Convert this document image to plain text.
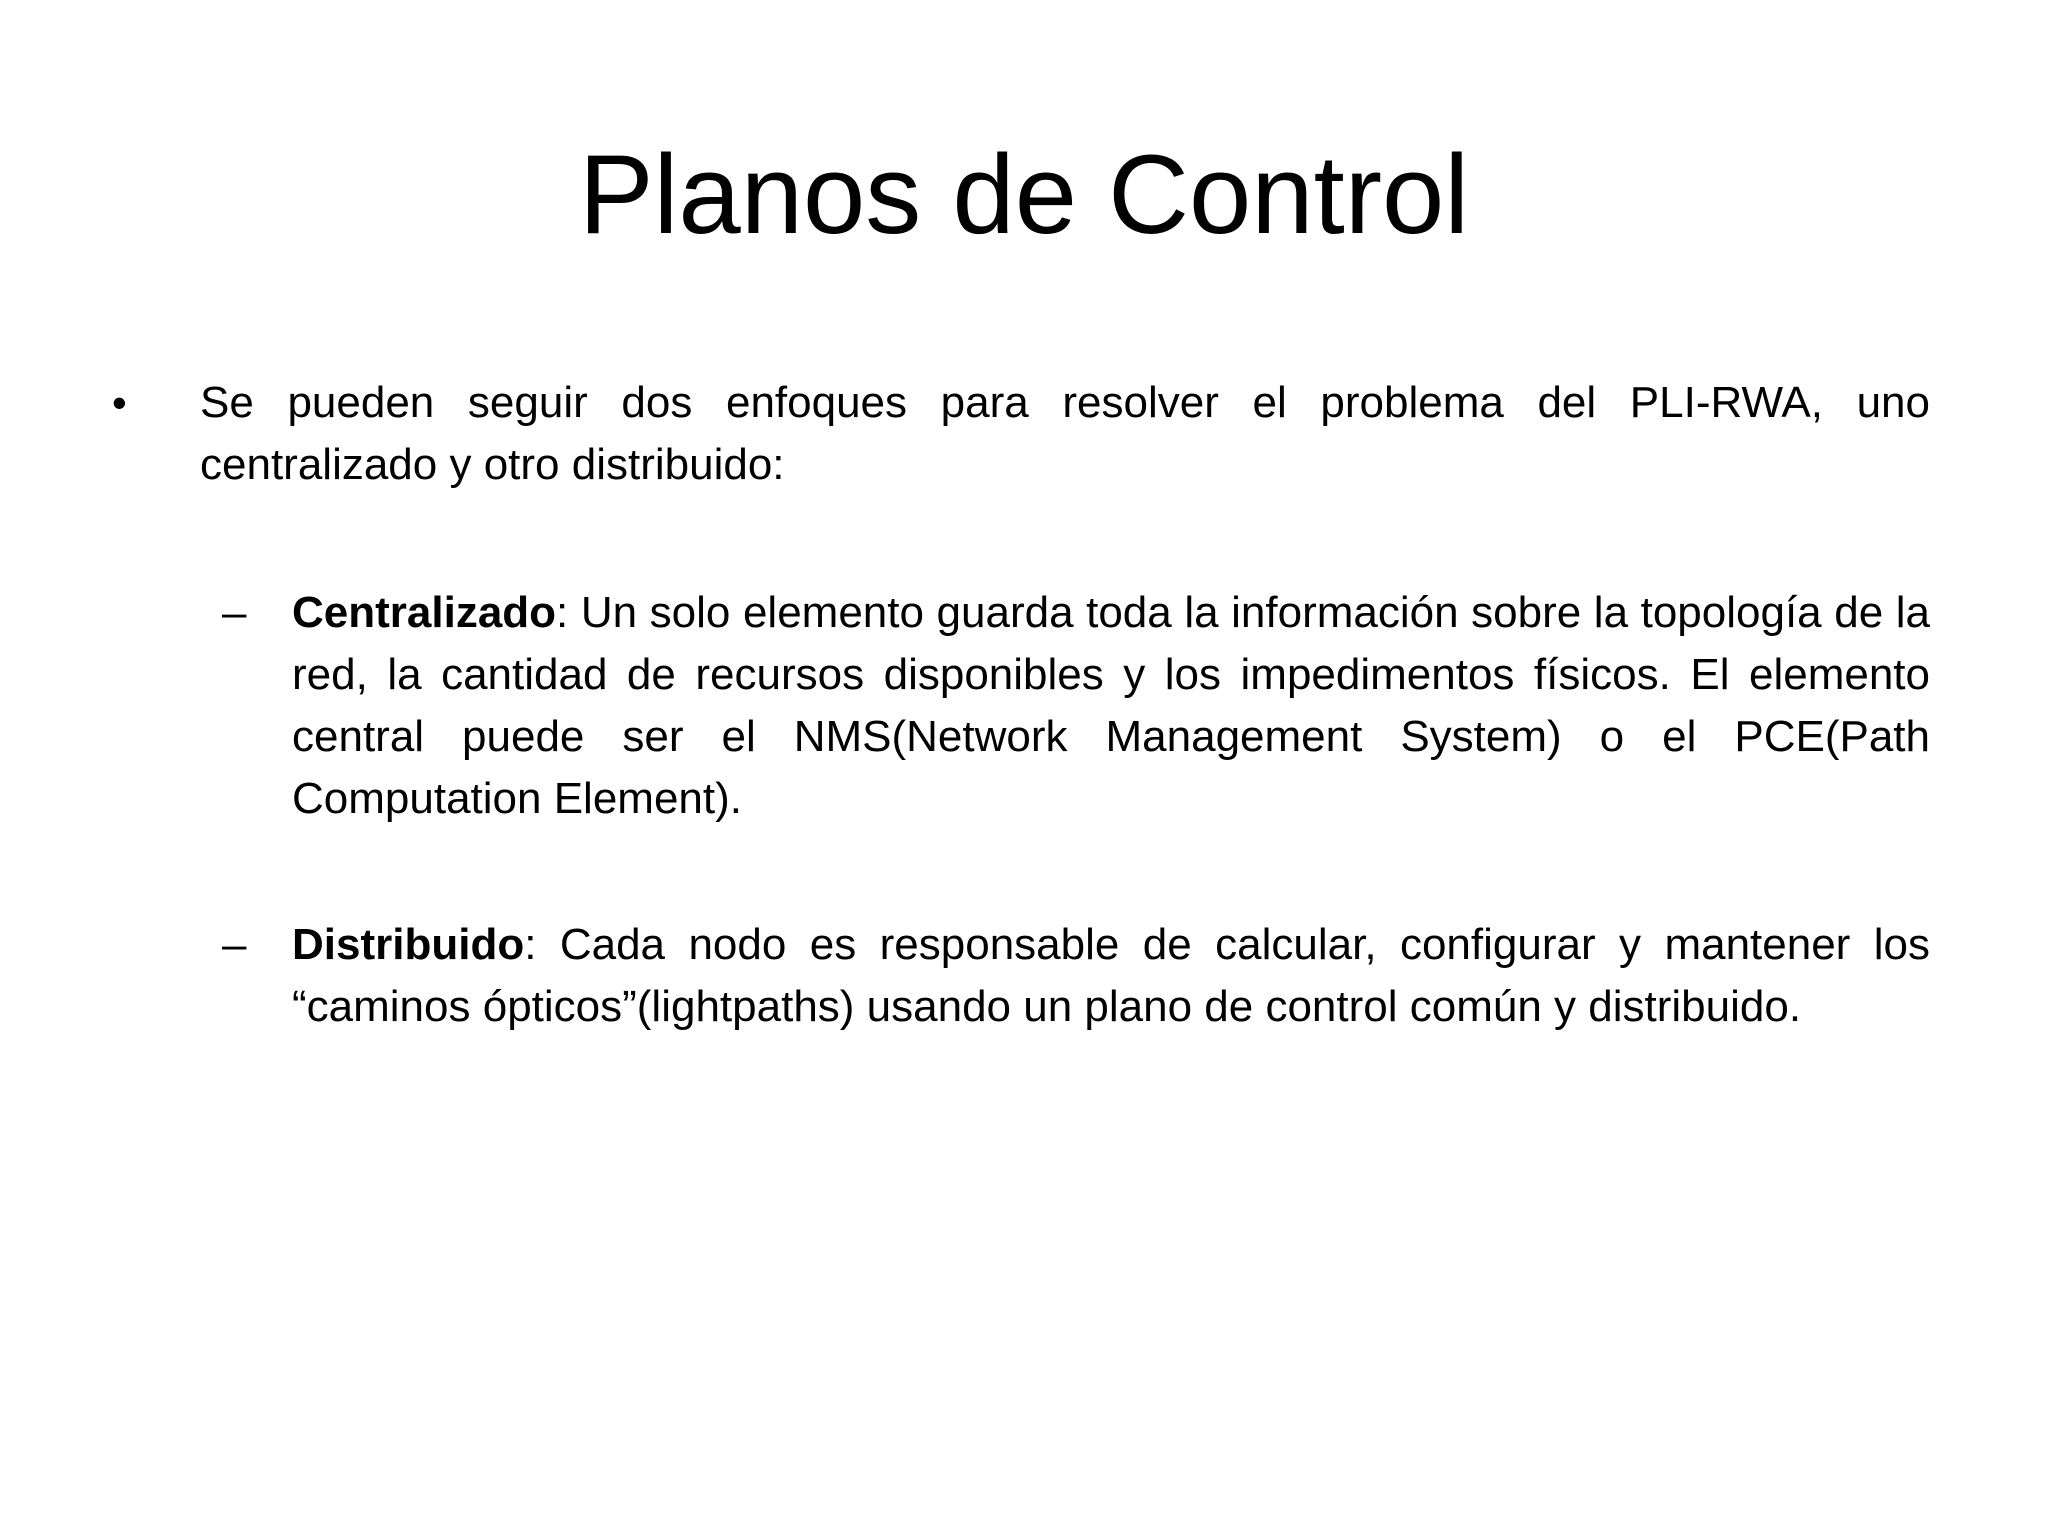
Planos de Control
•	Se pueden seguir dos enfoques para resolver el problema del PLI-RWA, uno centralizado y otro distribuido:
–	Centralizado: Un solo elemento guarda toda la información sobre la topología de la red, la cantidad de recursos disponibles y los impedimentos físicos. El elemento central puede ser el NMS(Network Management System) o el PCE(Path Computation Element).
–	Distribuido: Cada nodo es responsable de calcular, configurar y mantener los “caminos ópticos”(lightpaths) usando un plano de control común y distribuido.
